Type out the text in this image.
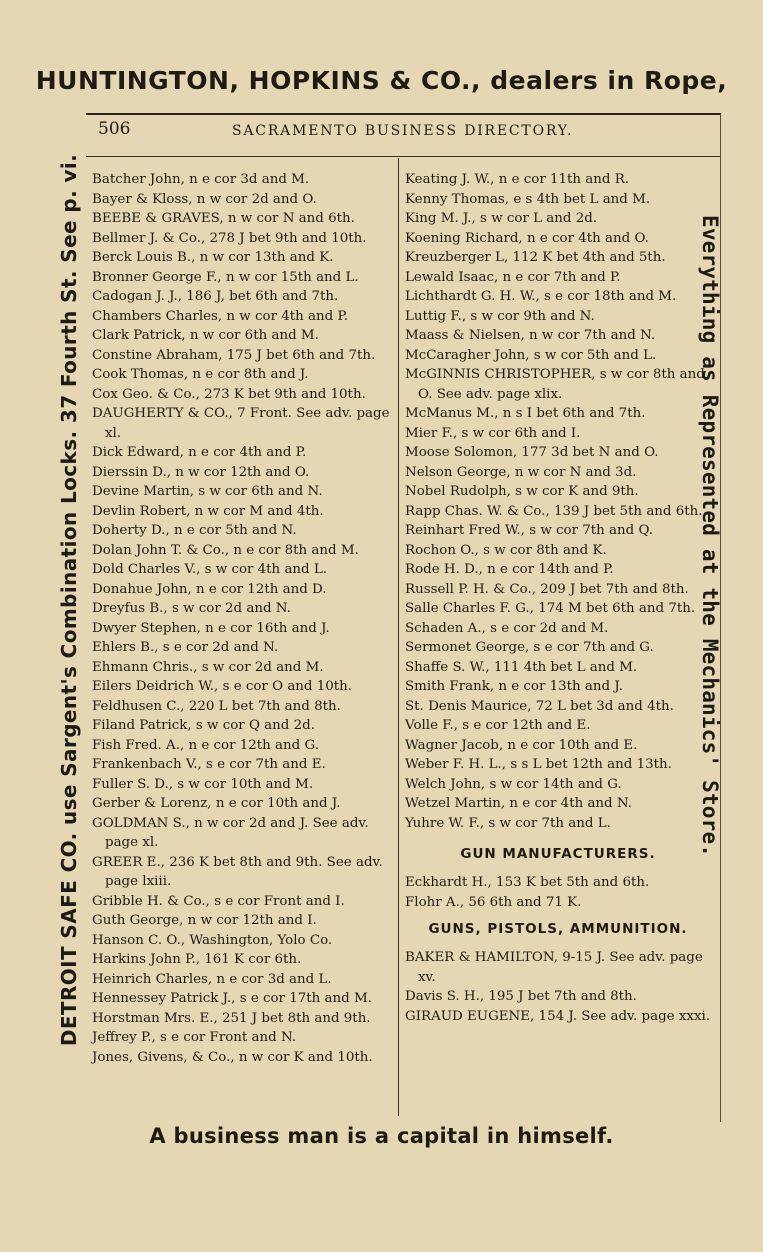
HUNTINGTON, HOPKINS & CO., dealers in Rope,
DETROIT SAFE CO. use Sargent's Combination Locks. 37 Fourth St. See p. vi.	Everything as Represented at the Mechanics' Store.
506	SACRAMENTO BUSINESS DIRECTORY.

Batcher John, n e cor 3d and M.

Bayer & Kloss, n w cor 2d and O.

BEEBE & GRAVES, n w cor N and 6th.

Bellmer J. & Co., 278 J bet 9th and 10th.

Berck Louis B., n w cor 13th and K.

Bronner George F., n w cor 15th and L.

Cadogan J. J., 186 J, bet 6th and 7th.

Chambers Charles, n w cor 4th and P.

Clark Patrick, n w cor 6th and M.

Constine Abraham, 175 J bet 6th and 7th.

Cook Thomas, n e cor 8th and J.

Cox Geo. & Co., 273 K bet 9th and 10th.

DAUGHERTY & CO., 7 Front. See adv. page xl.

Dick Edward, n e cor 4th and P.

Dierssin D., n w cor 12th and O.

Devine Martin, s w cor 6th and N.

Devlin Robert, n w cor M and 4th.

Doherty D., n e cor 5th and N.

Dolan John T. & Co., n e cor 8th and M.

Dold Charles V., s w cor 4th and L.

Donahue John, n e cor 12th and D.

Dreyfus B., s w cor 2d and N.

Dwyer Stephen, n e cor 16th and J.

Ehlers B., s e cor 2d and N.

Ehmann Chris., s w cor 2d and M.

Eilers Deidrich W., s e cor O and 10th.

Feldhusen C., 220 L bet 7th and 8th.

Filand Patrick, s w cor Q and 2d.

Fish Fred. A., n e cor 12th and G.

Frankenbach V., s e cor 7th and E.

Fuller S. D., s w cor 10th and M.

Gerber & Lorenz, n e cor 10th and J.

GOLDMAN S., n w cor 2d and J. See adv. page xl.

GREER E., 236 K bet 8th and 9th. See adv. page lxiii.

Gribble H. & Co., s e cor Front and I.

Guth George, n w cor 12th and I.

Hanson C. O., Washington, Yolo Co.

Harkins John P., 161 K cor 6th.

Heinrich Charles, n e cor 3d and L.

Hennessey Patrick J., s e cor 17th and M.

Horstman Mrs. E., 251 J bet 8th and 9th.

Jeffrey P., s e cor Front and N.

Jones, Givens, & Co., n w cor K and 10th.

Keating J. W., n e cor 11th and R.

Kenny Thomas, e s 4th bet L and M.

King M. J., s w cor L and 2d.

Koening Richard, n e cor 4th and O.

Kreuzberger L, 112 K bet 4th and 5th.

Lewald Isaac, n e cor 7th and P.

Lichthardt G. H. W., s e cor 18th and M.

Luttig F., s w cor 9th and N.

Maass & Nielsen, n w cor 7th and N.

McCaragher John, s w cor 5th and L.

McGINNIS CHRISTOPHER, s w cor 8th and O. See adv. page xlix.

McManus M., n s I bet 6th and 7th.

Mier F., s w cor 6th and I.

Moose Solomon, 177 3d bet N and O.

Nelson George, n w cor N and 3d.

Nobel Rudolph, s w cor K and 9th.

Rapp Chas. W. & Co., 139 J bet 5th and 6th.

Reinhart Fred W., s w cor 7th and Q.

Rochon O., s w cor 8th and K.

Rode H. D., n e cor 14th and P.

Russell P. H. & Co., 209 J bet 7th and 8th.

Salle Charles F. G., 174 M bet 6th and 7th.

Schaden A., s e cor 2d and M.

Sermonet George, s e cor 7th and G.

Shaffe S. W., 111 4th bet L and M.

Smith Frank, n e cor 13th and J.

St. Denis Maurice, 72 L bet 3d and 4th.

Volle F., s e cor 12th and E.

Wagner Jacob, n e cor 10th and E.

Weber F. H. L., s s L bet 12th and 13th.

Welch John, s w cor 14th and G.

Wetzel Martin, n e cor 4th and N.

Yuhre W. F., s w cor 7th and L.

GUN MANUFACTURERS.

Eckhardt H., 153 K bet 5th and 6th.

Flohr A., 56 6th and 71 K.

GUNS, PISTOLS, AMMUNITION.

BAKER & HAMILTON, 9-15 J. See adv. page xv.

Davis S. H., 195 J bet 7th and 8th.

GIRAUD EUGENE, 154 J. See adv. page xxxi.

A business man is a capital in himself.
